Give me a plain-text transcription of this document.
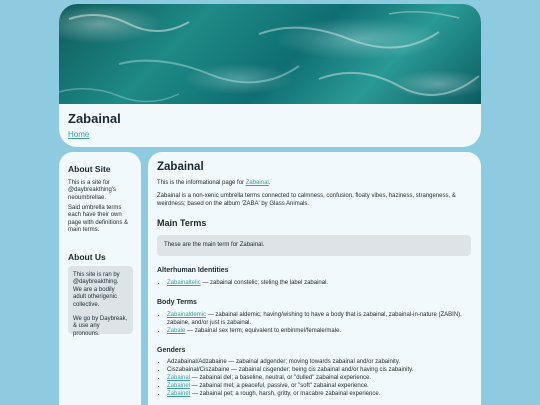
Zabainal
Home
About Site

This is a site for @daybreakthing's neoumbrellae.

Said umbrella terms each have their own page with definitions & main terms.

About Us

This site is ran by @daybreakthing. We are a bodily adult otherigenic collective.

We go by Daybreak, & use any pronouns.

Zabainal

This is the informational page for Zabainal.

Zabainal is a non-xenic umbrella terms connected to calmness, confusion, floaty vibes, haziness, strangeness, & weirdness; based on the album 'ZABA' by Glass Animals.

Main Terms
These are the main term for Zabainal.
Alterhuman Identities
• Zabainaltelic — zabainal constelic; steling the label zabainal.
Body Terms
• Zabainaldemic — zabainal aldemic; having/wishing to have a body that is zabainal, zabainal-in-nature (ZABIN), zabaine, and/or just is zabainal.
• Zabale — zabainal sex term; equivalent to enbinmel/female/male.
Genders
• Adzabainal/Adzabaine — zabainal adgender; moving towards zabainal and/or zabainity.
• Ciszabainal/Ciszabaine — zabainal cisgender; being cis zabainal and/or having cis zabainity.
• Zabainal — zabainal del; a baseline, neutral, or "dulled" zabainal experience.
• Zabainel — zabainal mel; a peaceful, passive, or "soft" zabainal experience.
• Zabainet — zabainal pet; a rough, harsh, gritty, or macabre zabainal experience.
